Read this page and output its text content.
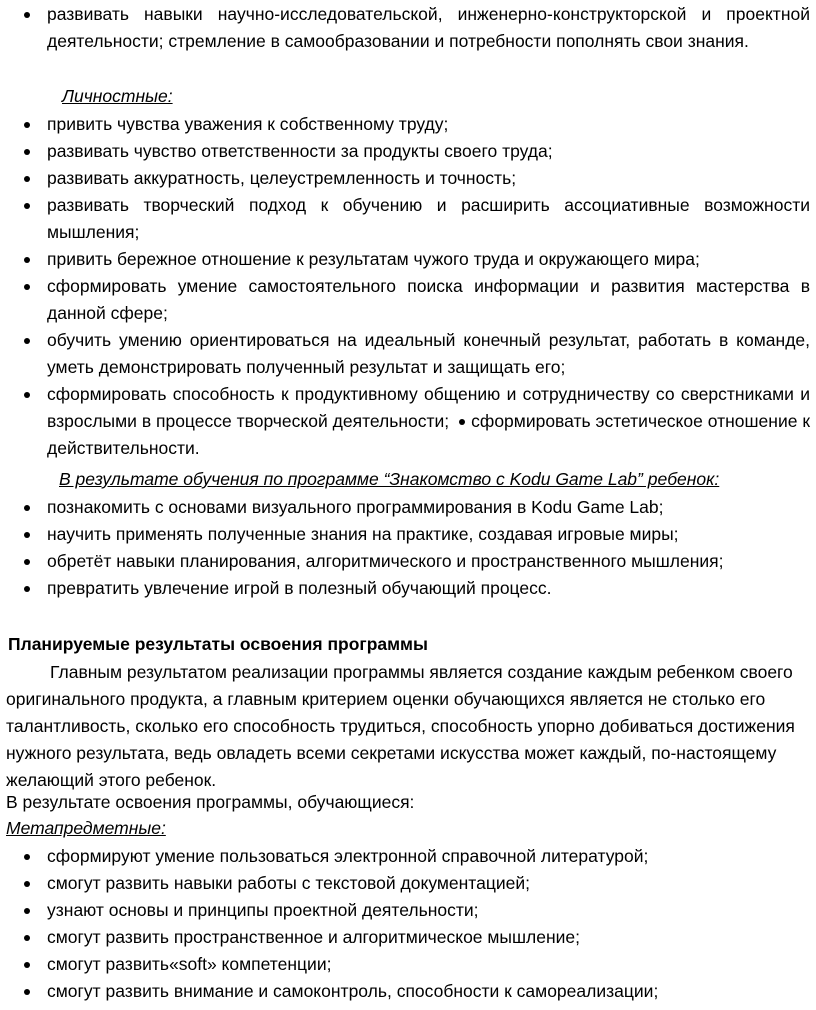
развивать навыки научно-исследовательской, инженерно-конструкторской и проектной деятельности; стремление в самообразовании и потребности пополнять свои знания.
Личностные:
привить чувства уважения к собственному труду;
развивать чувство ответственности за продукты своего труда;
развивать аккуратность, целеустремленность и точность;
развивать творческий подход к обучению и расширить ассоциативные возможности мышления;
привить бережное отношение к результатам чужого труда и окружающего мира;
сформировать умение самостоятельного поиска информации и развития мастерства в данной сфере;
обучить умению ориентироваться на идеальный конечный результат, работать в команде, уметь демонстрировать полученный результат и защищать его;
сформировать способность к продуктивному общению и сотрудничеству со сверстниками и взрослыми в процессе творческой деятельности; сформировать эстетическое отношение к действительности.
В результате обучения по программе “Знакомство с Kodu Game Lab” ребенок:
познакомить с основами визуального программирования в Kodu Game Lab;
научить применять полученные знания на практике, создавая игровые миры;
обретёт навыки планирования, алгоритмического и пространственного мышления;
превратить увлечение игрой в полезный обучающий процесс.
Планируемые результаты освоения программы
Главным результатом реализации программы является создание каждым ребенком своего оригинального продукта, а главным критерием оценки обучающихся является не столько его талантливость, сколько его способность трудиться, способность упорно добиваться достижения нужного результата, ведь овладеть всеми секретами искусства может каждый, по-настоящему желающий этого ребенок.
В результате освоения программы, обучающиеся:
Метапредметные:
сформируют умение пользоваться электронной справочной литературой;
смогут развить навыки работы с текстовой документацией;
узнают основы и принципы проектной деятельности;
смогут развить пространственное и алгоритмическое мышление;
смогут развить«soft» компетенции;
смогут развить внимание и самоконтроль, способности к самореализации;
